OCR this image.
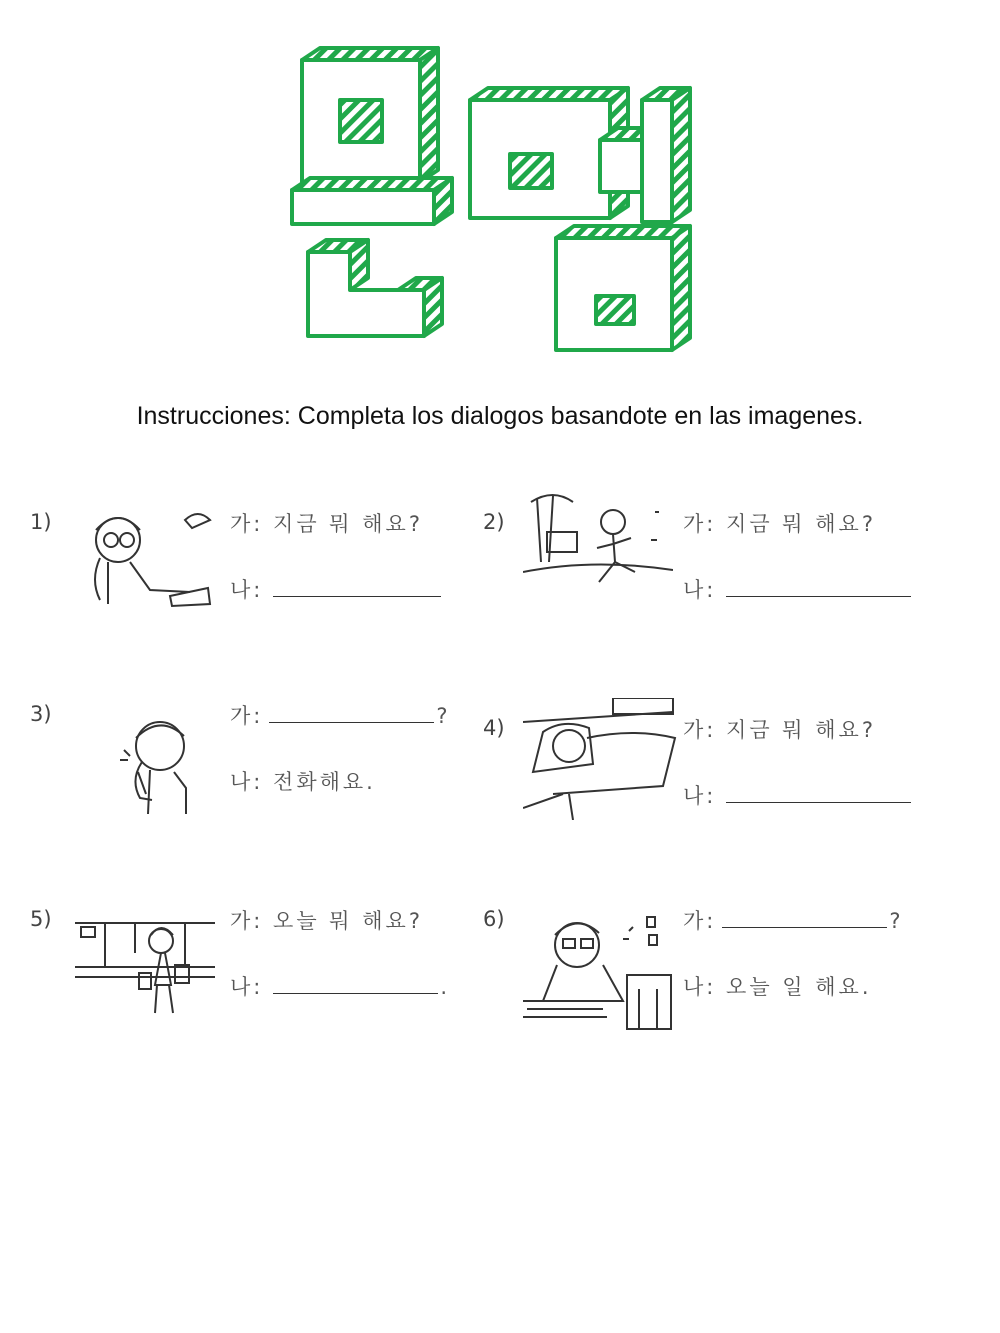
Instrucciones: Completa los dialogos basandote en las imagenes.
1)	가: 지금 뭐 해요?
나:
2)	가: 지금 뭐 해요?
나:
3)	가:	?
나: 전화해요.
4)	가: 지금 뭐 해요?
나:
5)	가: 오늘 뭐 해요?
나:	.
6)	가:	?
나: 오늘 일 해요.
